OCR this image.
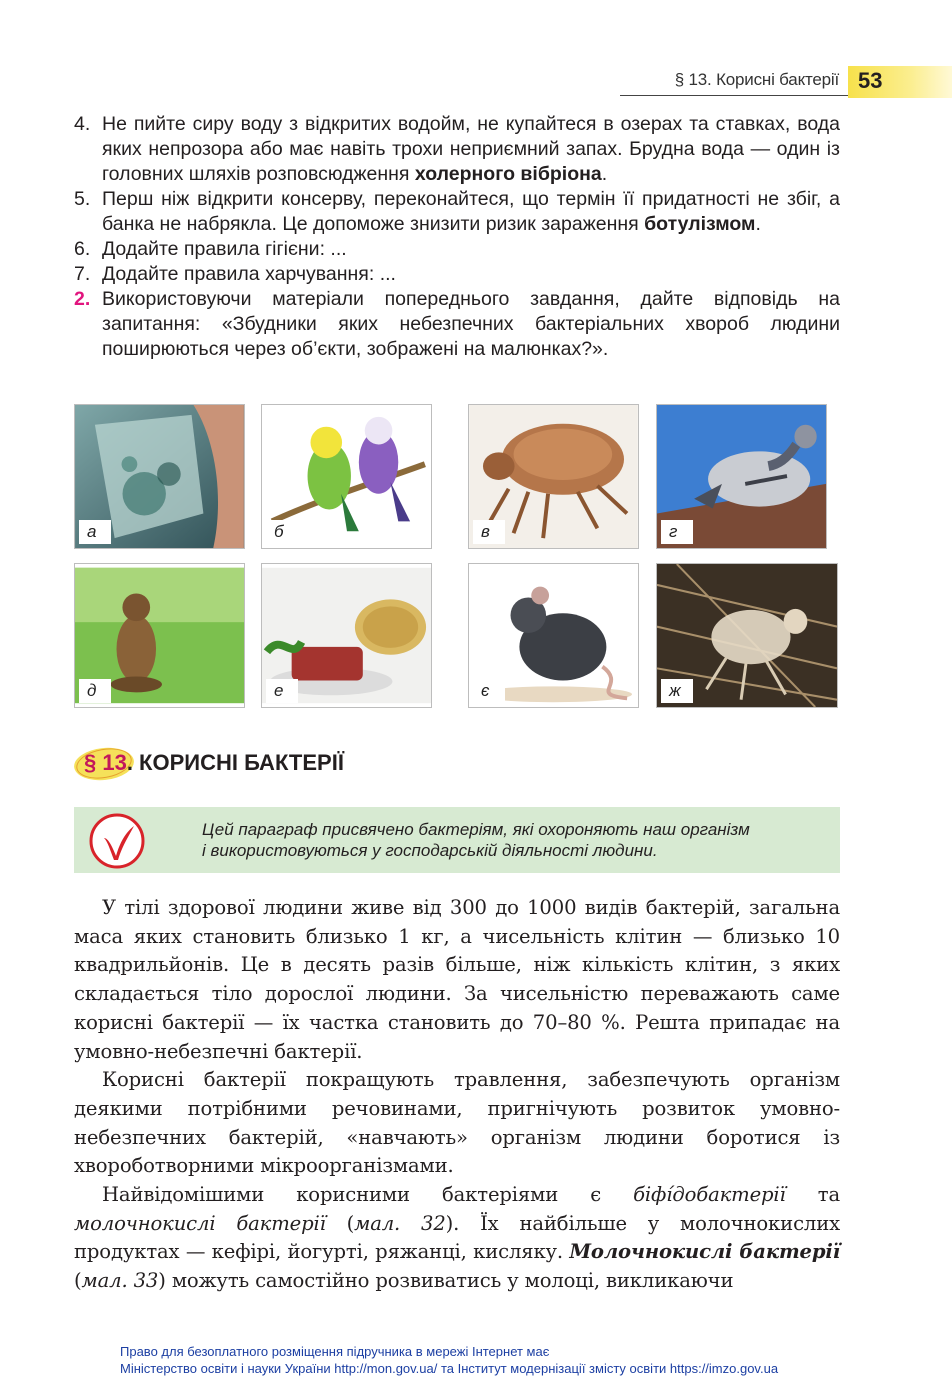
§ 13. Корисні бактерії 53
4. Не пийте сиру воду з відкритих водойм, не купайтеся в озерах та ставках, вода яких непрозора або має навіть трохи неприємний запах. Брудна вода — один із головних шляхів розповсюдження холерного вібріона.
5. Перш ніж відкрити консерву, переконайтеся, що термін її придатності не збіг, а банка не набрякла. Це допоможе знизити ризик зараження ботулізмом.
6. Додайте правила гігієни: ...
7. Додайте правила харчування: ...
2. Використовуючи матеріали попереднього завдання, дайте відповідь на запитання: «Збудники яких небезпечних бактеріальних хвороб людини поширюються через об’єкти, зображені на малюнках?».
а	б	в	г
д	е	є	ж
§ 13. КОРИСНІ БАКТЕРІЇ
Цей параграф присвячено бактеріям, які охороняють наш організм
і використовуються у господарській діяльності людини.

У тілі здорової людини живе від 300 до 1000 видів бактерій, загальна маса яких становить близько 1 кг, а чисельність клітин — близько 10 квадрильйонів. Це в десять разів більше, ніж кількість клітин, з яких складається тіло дорослої людини. За чисельністю переважають саме корисні бактерії — їх частка становить до 70–80 %. Решта припадає на умовно-небезпечні бактерії.

Корисні бактерії покращують травлення, забезпечують організм деякими потрібними речовинами, пригнічують розвиток умовно-небезпечних бактерій, «навчають» організм людини боротися із хвороботворними мікроорганізмами.

Найвідомішими корисними бактеріями є біфі́добактерії та молочнокислі бактерії (мал. 32). Їх найбільше у молочнокислих продуктах — кефірі, йогурті, ряжанці, кисляку. Молочнокислі бактерії (мал. 33) можуть самостійно розвиватись у молоці, викликаючи

Право для безоплатного розміщення підручника в мережі Інтернет має
Міністерство освіти і науки України http://mon.gov.ua/ та Інститут модернізації змісту освіти https://imzo.gov.ua
